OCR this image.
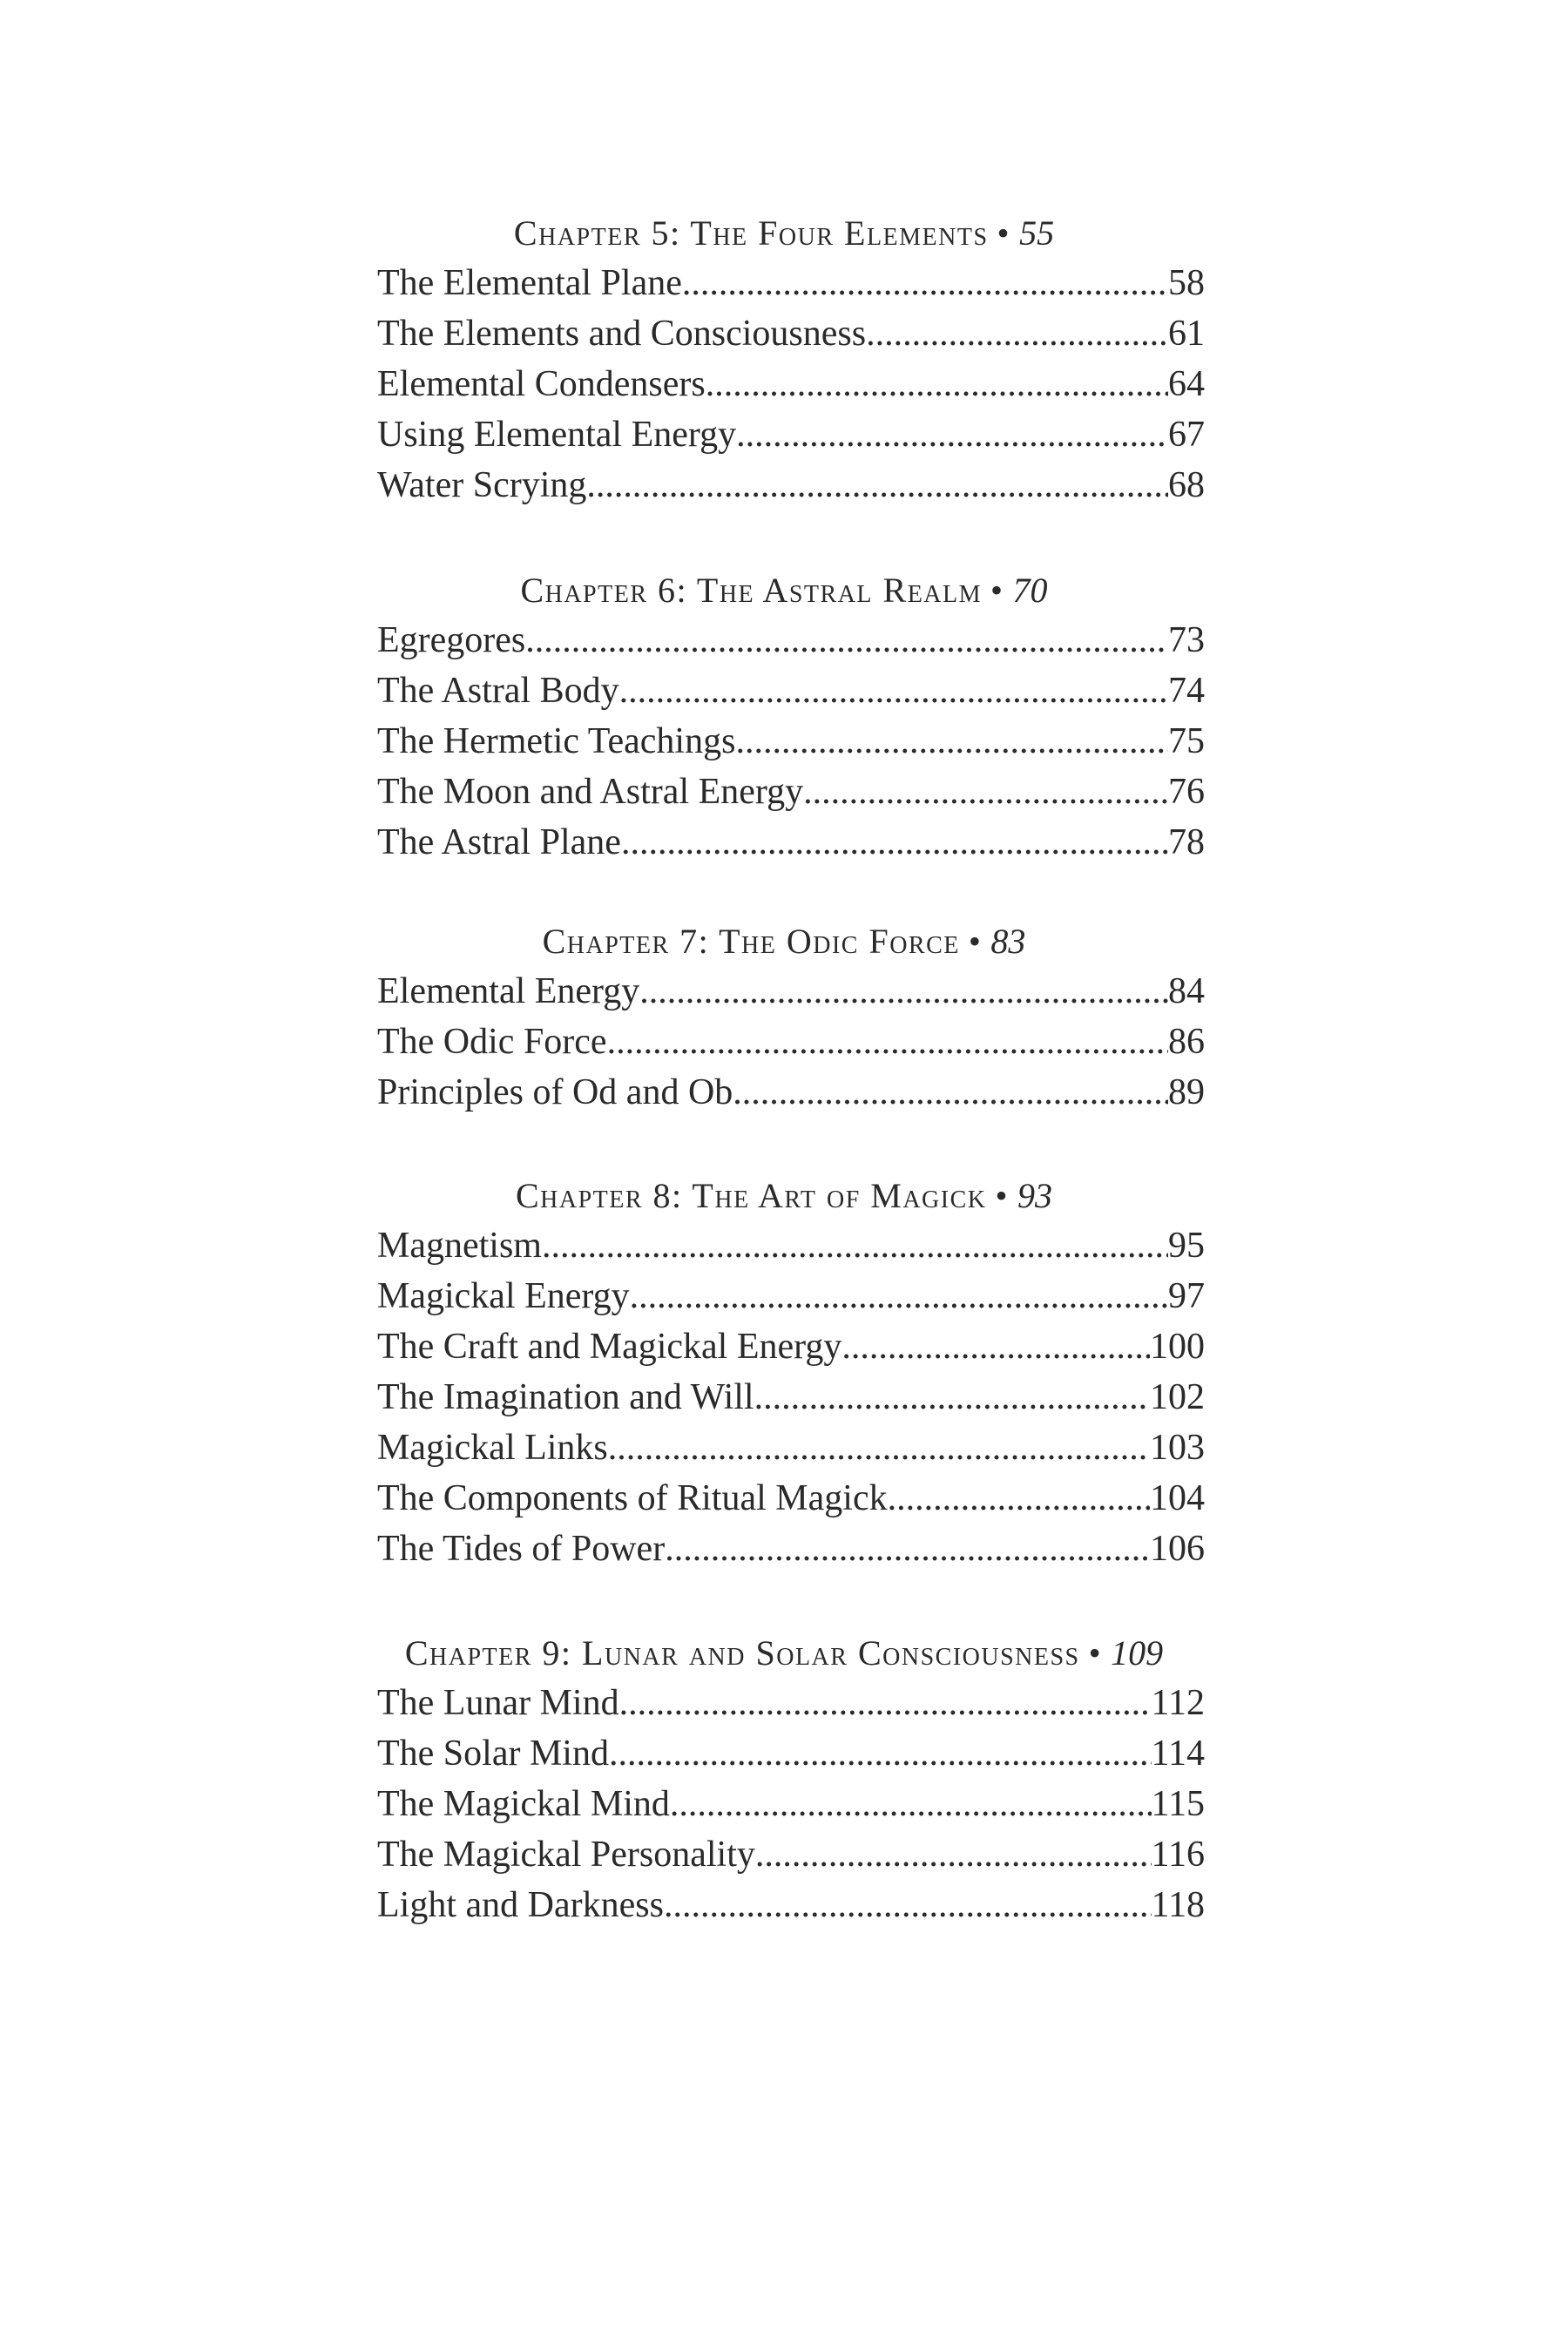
Chapter 5: The Four Elements • 55
The Elemental Plane .....	58
The Elements and Consciousness .....	61
Elemental Condensers .....	64
Using Elemental Energy .....	67
Water Scrying .....	68
Chapter 6: The Astral Realm • 70
Egregores .....	73
The Astral Body .....	74
The Hermetic Teachings .....	75
The Moon and Astral Energy .....	76
The Astral Plane .....	78
Chapter 7: The Odic Force • 83
Elemental Energy .....	84
The Odic Force .....	86
Principles of Od and Ob .....	89
Chapter 8: The Art of Magick • 93
Magnetism .....	95
Magickal Energy .....	97
The Craft and Magickal Energy .....	100
The Imagination and Will .....	102
Magickal Links .....	103
The Components of Ritual Magick .....	104
The Tides of Power .....	106
Chapter 9: Lunar and Solar Consciousness • 109
The Lunar Mind .....	112
The Solar Mind .....	114
The Magickal Mind .....	115
The Magickal Personality .....	116
Light and Darkness .....	118
